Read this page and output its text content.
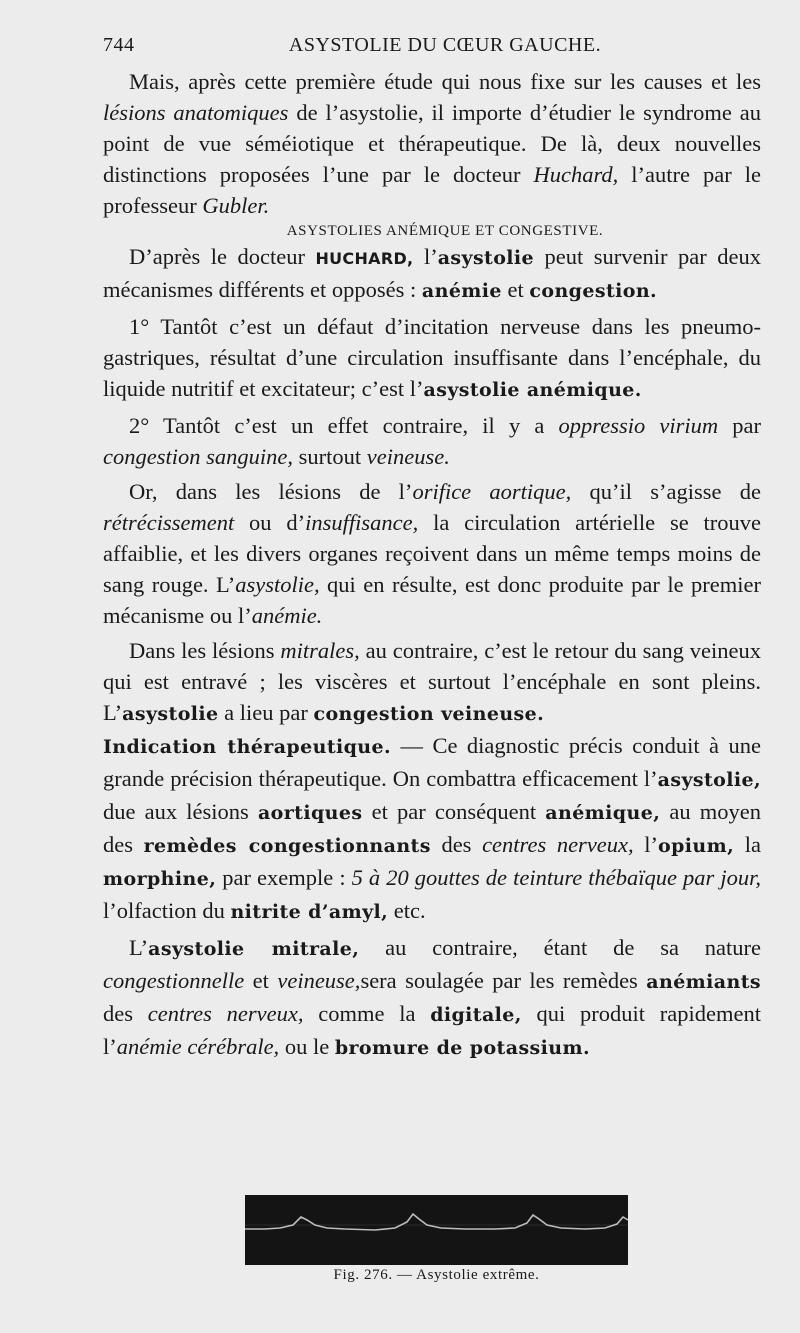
744	ASYSTOLIE DU CŒUR GAUCHE.

Mais, après cette première étude qui nous fixe sur les causes et les lésions anatomiques de l’asystolie, il importe d’étudier le syndrome au point de vue séméiotique et thérapeutique. De là, deux nouvelles distinctions proposées l’une par le docteur Huchard, l’autre par le professeur Gubler.

ASYSTOLIES ANÉMIQUE ET CONGESTIVE.

D’après le docteur HUCHARD, l’asystolie peut survenir par deux mécanismes différents et opposés : anémie et congestion.

1° Tantôt c’est un défaut d’incitation nerveuse dans les pneumo-gastriques, résultat d’une circulation insuffisante dans l’encéphale, du liquide nutritif et excitateur; c’est l’asystolie anémique.

2° Tantôt c’est un effet contraire, il y a oppressio virium par congestion sanguine, surtout veineuse.

Or, dans les lésions de l’orifice aortique, qu’il s’agisse de rétrécissement ou d’insuffisance, la circulation artérielle se trouve affaiblie, et les divers organes reçoivent dans un même temps moins de sang rouge. L’asystolie, qui en résulte, est donc produite par le premier mécanisme ou l’anémie.

Dans les lésions mitrales, au contraire, c’est le retour du sang veineux qui est entravé ; les viscères et surtout l’encéphale en sont pleins. L’asystolie a lieu par congestion veineuse.

Indication thérapeutique. — Ce diagnostic précis conduit à une grande précision thérapeutique. On combattra efficacement l’asystolie, due aux lésions aortiques et par conséquent anémique, au moyen des remèdes congestionnants des centres nerveux, l’opium, la morphine, par exemple : 5 à 20 gouttes de teinture thébaïque par jour, l’olfaction du nitrite d’amyl, etc.

L’asystolie mitrale, au contraire, étant de sa nature congestionnelle et veineuse,sera soulagée par les remèdes anémiants des centres nerveux, comme la digitale, qui produit rapidement l’anémie cérébrale, ou le bromure de potassium.

Fig. 276. — Asystolie extrême.
